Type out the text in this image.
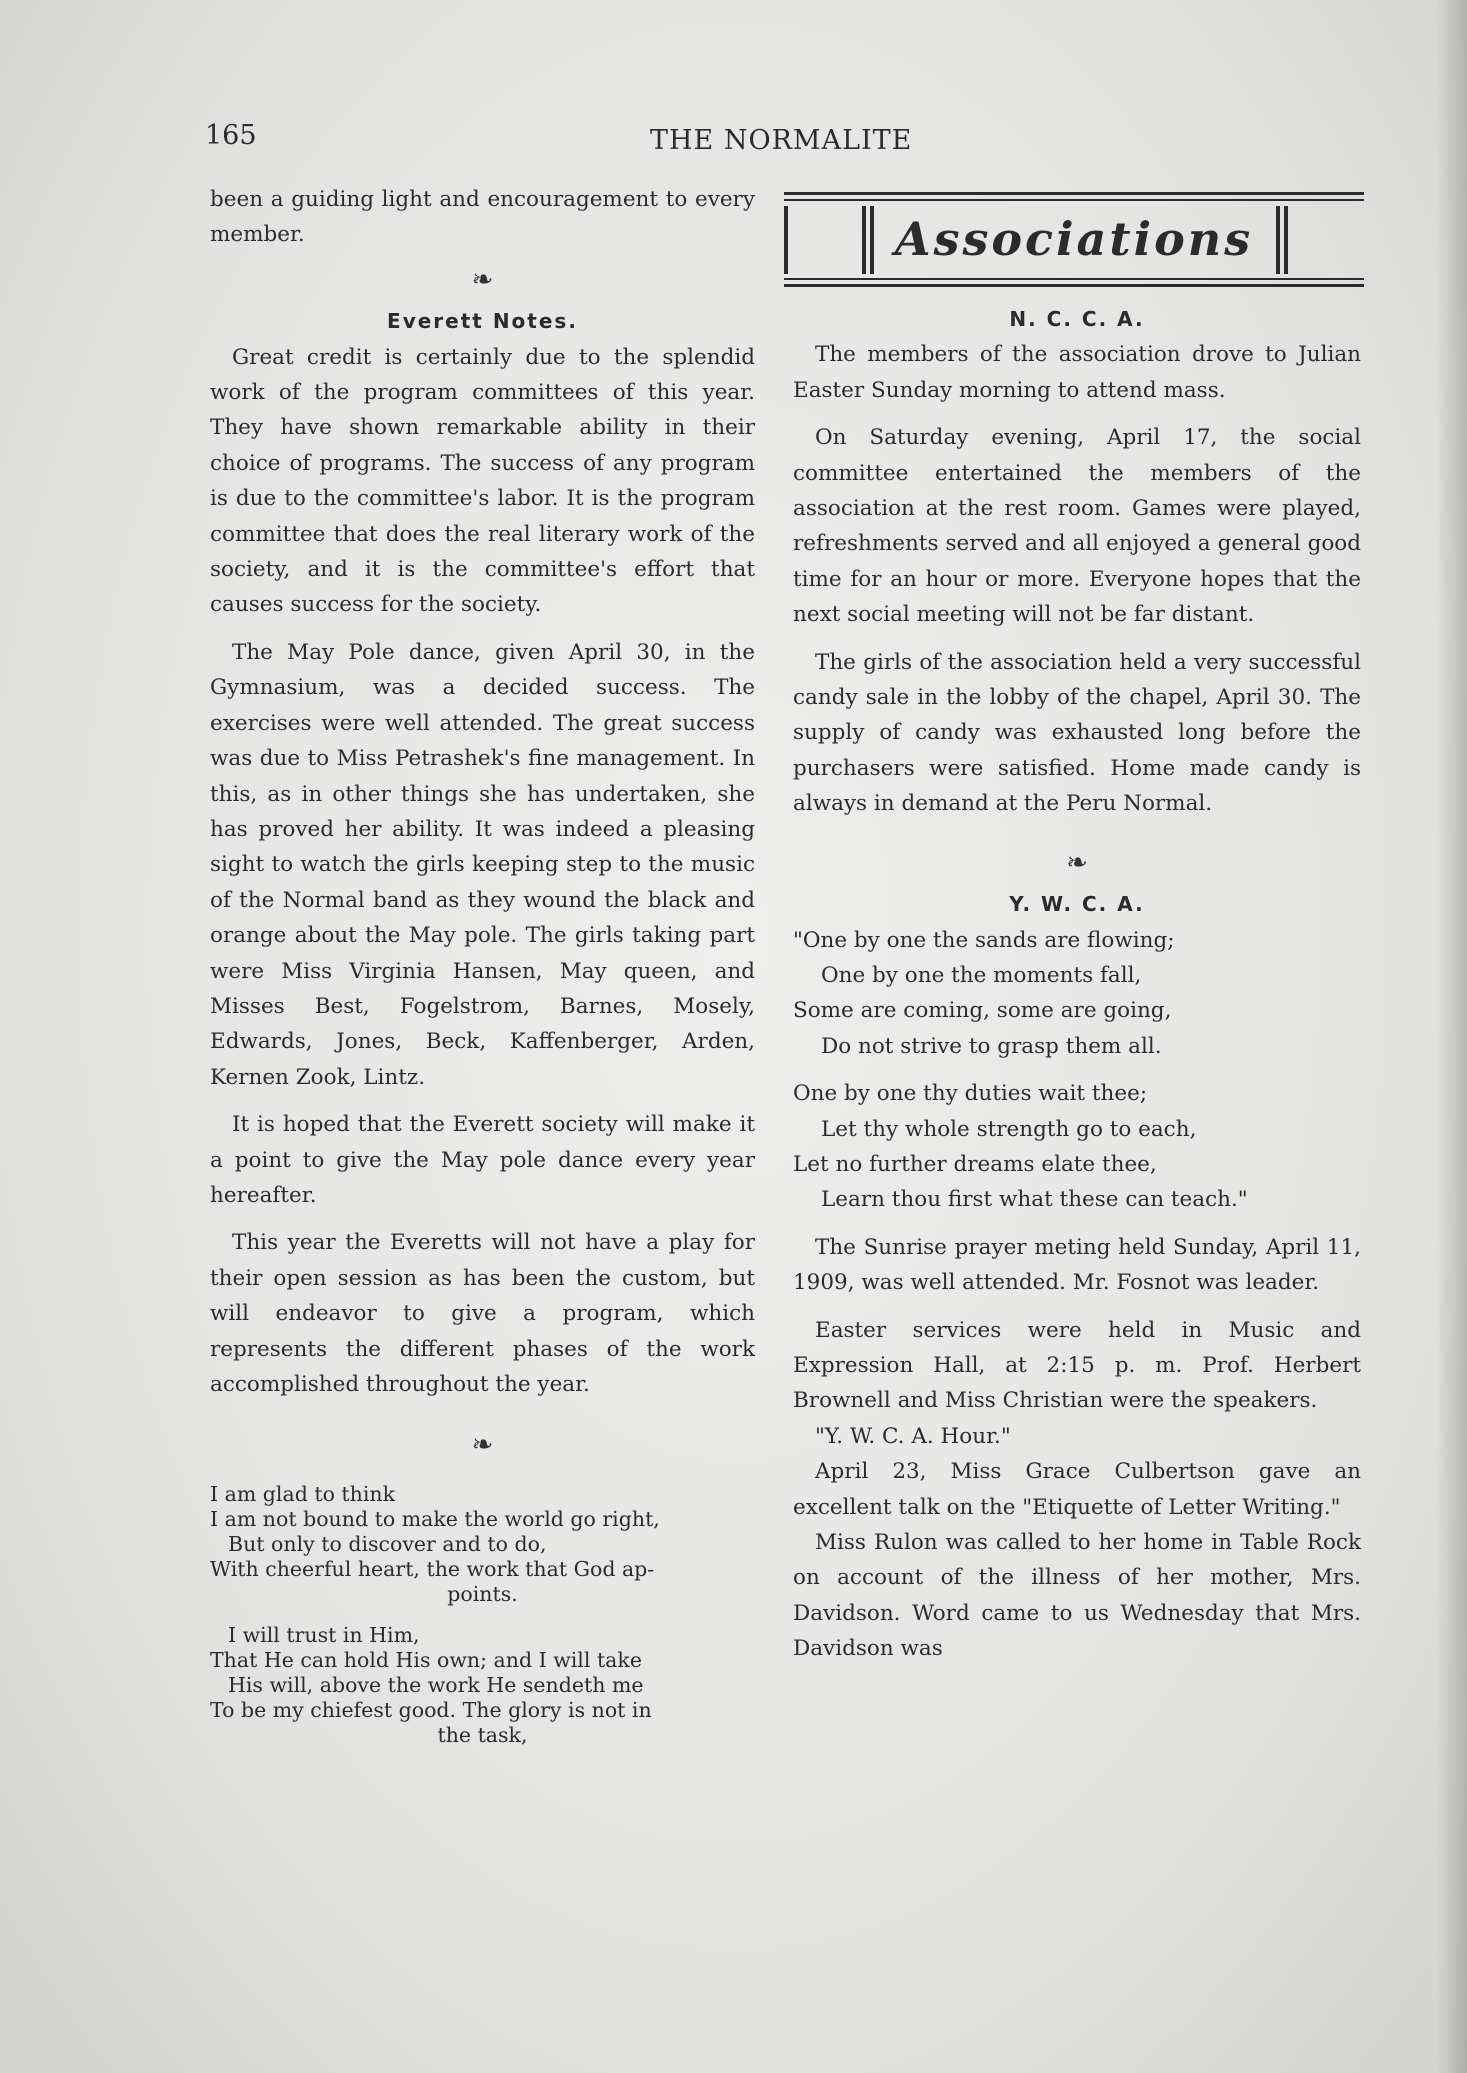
165	THE NORMALITE

been a guiding light and encouragement to every member.

❧
Everett Notes.

Great credit is certainly due to the splendid work of the program committees of this year. They have shown remarkable ability in their choice of programs. The success of any program is due to the committee's labor. It is the program committee that does the real literary work of the society, and it is the committee's effort that causes success for the society.

The May Pole dance, given April 30, in the Gymnasium, was a decided success. The exercises were well attended. The great success was due to Miss Petrashek's fine management. In this, as in other things she has undertaken, she has proved her ability. It was indeed a pleasing sight to watch the girls keeping step to the music of the Normal band as they wound the black and orange about the May pole. The girls taking part were Miss Virginia Hansen, May queen, and Misses Best, Fogelstrom, Barnes, Mosely, Edwards, Jones, Beck, Kaffenberger, Arden, Kernen Zook, Lintz.

It is hoped that the Everett society will make it a point to give the May pole dance every year hereafter.

This year the Everetts will not have a play for their open session as has been the custom, but will endeavor to give a program, which represents the different phases of the work accomplished throughout the year.

❧
I am glad to think
I am not bound to make the world go right,
But only to discover and to do,
With cheerful heart, the work that God ap-
points.
I will trust in Him,
That He can hold His own; and I will take
His will, above the work He sendeth me
To be my chiefest good. The glory is not in
the task,
Associations
N. C. C. A.

The members of the association drove to Julian Easter Sunday morning to attend mass.

On Saturday evening, April 17, the social committee entertained the members of the association at the rest room. Games were played, refreshments served and all enjoyed a general good time for an hour or more. Everyone hopes that the next social meeting will not be far distant.

The girls of the association held a very successful candy sale in the lobby of the chapel, April 30. The supply of candy was exhausted long before the purchasers were satisfied. Home made candy is always in demand at the Peru Normal.

❧
Y. W. C. A.
"One by one the sands are flowing;
One by one the moments fall,
Some are coming, some are going,
Do not strive to grasp them all.
One by one thy duties wait thee;
Let thy whole strength go to each,
Let no further dreams elate thee,
Learn thou first what these can teach."

The Sunrise prayer meting held Sunday, April 11, 1909, was well attended. Mr. Fosnot was leader.

Easter services were held in Music and Expression Hall, at 2:15 p. m. Prof. Herbert Brownell and Miss Christian were the speakers.

"Y. W. C. A. Hour."

April 23, Miss Grace Culbertson gave an excellent talk on the "Etiquette of Letter Writing."

Miss Rulon was called to her home in Table Rock on account of the illness of her mother, Mrs. Davidson. Word came to us Wednesday that Mrs. Davidson was
